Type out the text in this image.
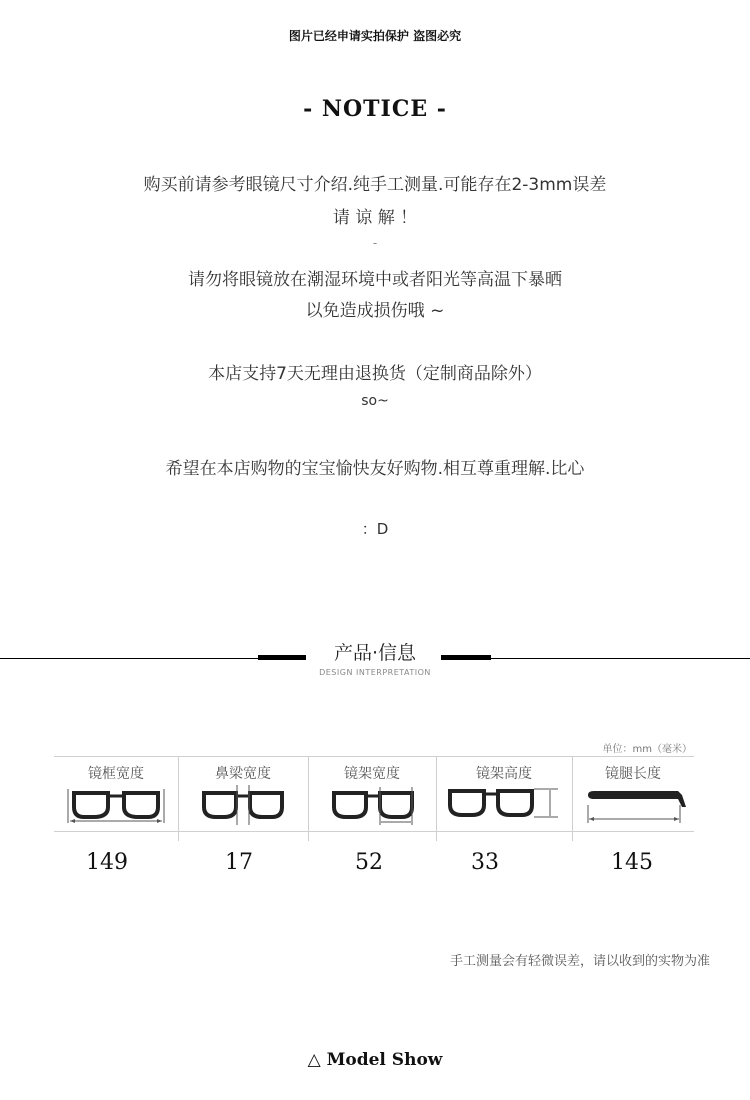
图片已经申请实拍保护 盗图必究
- NOTICE -
购买前请参考眼镜尺寸介绍.纯手工测量.可能存在2-3mm误差
请 谅 解 ！
-
请勿将眼镜放在潮湿环境中或者阳光等高温下暴晒
以免造成损伤哦 ~
本店支持7天无理由退换货（定制商品除外）
so~
希望在本店购物的宝宝愉快友好购物.相互尊重理解.比心
：D
产品·信息
DESIGN INTERPRETATION
单位：mm（毫米）
镜框宽度	鼻梁宽度	镜架宽度	镜架高度	镜腿长度
149	17	52	33	145
手工测量会有轻微误差，请以收到的实物为准
△ Model Show
